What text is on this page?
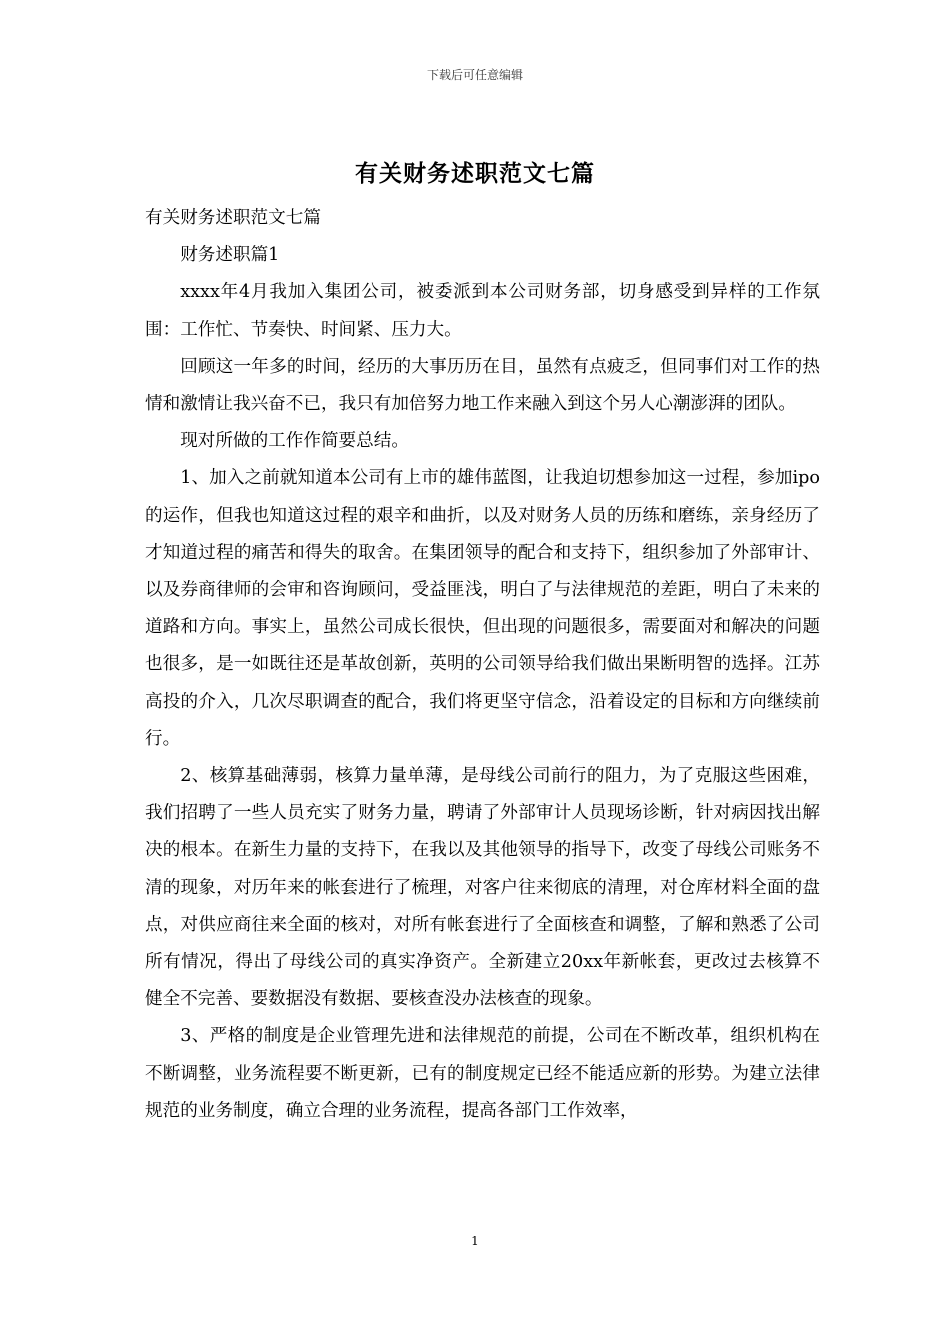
下载后可任意编辑
有关财务述职范文七篇

有关财务述职范文七篇

财务述职篇1

xxxx年4月我加入集团公司，被委派到本公司财务部，切身感受到异样的工作氛围：工作忙、节奏快、时间紧、压力大。

回顾这一年多的时间，经历的大事历历在目，虽然有点疲乏，但同事们对工作的热情和激情让我兴奋不已，我只有加倍努力地工作来融入到这个另人心潮澎湃的团队。

现对所做的工作作简要总结。

1、加入之前就知道本公司有上市的雄伟蓝图，让我迫切想参加这一过程，参加ipo的运作，但我也知道这过程的艰辛和曲折，以及对财务人员的历练和磨练，亲身经历了才知道过程的痛苦和得失的取舍。在集团领导的配合和支持下，组织参加了外部审计、以及券商律师的会审和咨询顾问，受益匪浅，明白了与法律规范的差距，明白了未来的道路和方向。事实上，虽然公司成长很快，但出现的问题很多，需要面对和解决的问题也很多，是一如既往还是革故创新，英明的公司领导给我们做出果断明智的选择。江苏高投的介入，几次尽职调查的配合，我们将更坚守信念，沿着设定的目标和方向继续前行。

2、核算基础薄弱，核算力量单薄，是母线公司前行的阻力，为了克服这些困难，我们招聘了一些人员充实了财务力量，聘请了外部审计人员现场诊断，针对病因找出解决的根本。在新生力量的支持下，在我以及其他领导的指导下，改变了母线公司账务不清的现象，对历年来的帐套进行了梳理，对客户往来彻底的清理，对仓库材料全面的盘点，对供应商往来全面的核对，对所有帐套进行了全面核查和调整，了解和熟悉了公司所有情况，得出了母线公司的真实净资产。全新建立20xx年新帐套，更改过去核算不健全不完善、要数据没有数据、要核查没办法核查的现象。

3、严格的制度是企业管理先进和法律规范的前提，公司在不断改革，组织机构在不断调整，业务流程要不断更新，已有的制度规定已经不能适应新的形势。为建立法律规范的业务制度，确立合理的业务流程，提高各部门工作效率，

1
